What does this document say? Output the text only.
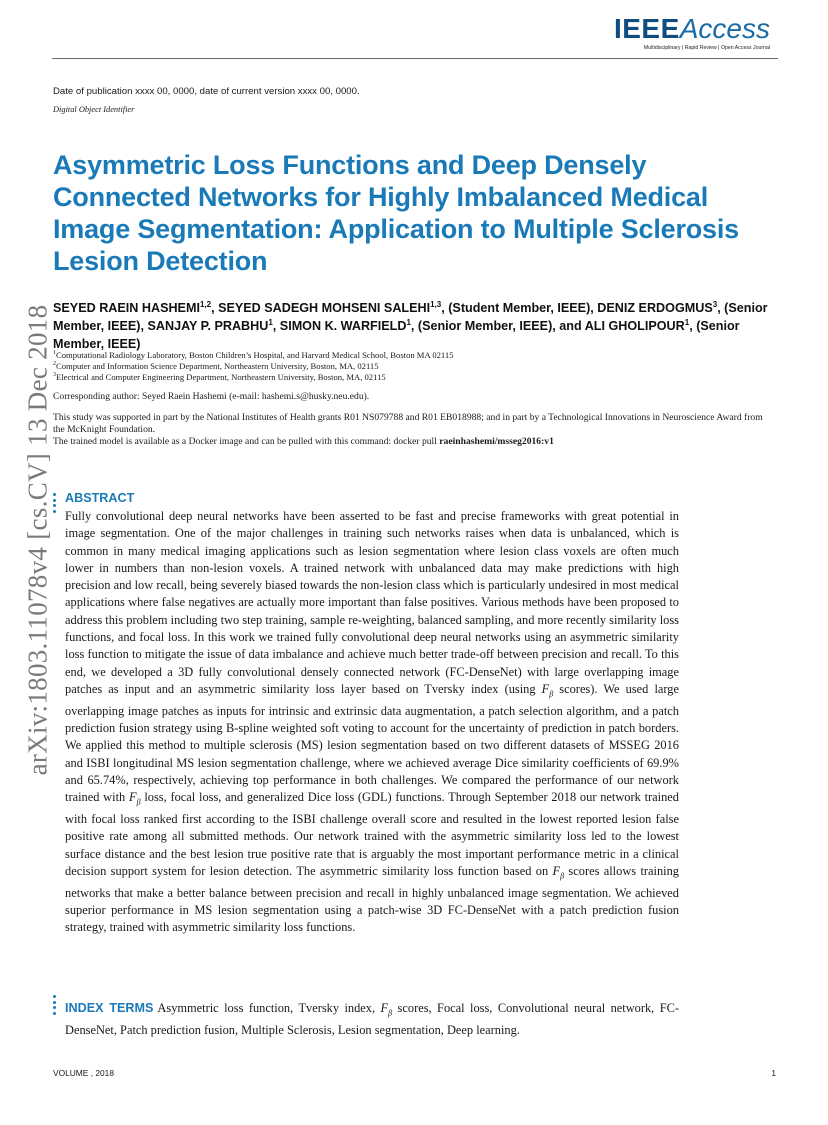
IEEEAccess
Multidisciplinary | Rapid Review | Open Access Journal
Date of publication xxxx 00, 0000, date of current version xxxx 00, 0000.
Digital Object Identifier
Asymmetric Loss Functions and Deep Densely Connected Networks for Highly Imbalanced Medical Image Segmentation: Application to Multiple Sclerosis Lesion Detection
SEYED RAEIN HASHEMI$^{1,2}$, SEYED SADEGH MOHSENI SALEHI$^{1,3}$, (Student Member, IEEE), DENIZ ERDOGMUS$^3$, (Senior Member, IEEE), SANJAY P. PRABHU$^1$, SIMON K. WARFIELD$^1$, (Senior Member, IEEE), and ALI GHOLIPOUR$^1$, (Senior Member, IEEE)
$^1$Computational Radiology Laboratory, Boston Children’s Hospital, and Harvard Medical School, Boston MA 02115
$^2$Computer and Information Science Department, Northeastern University, Boston, MA, 02115
$^3$Electrical and Computer Engineering Department, Northeastern University, Boston, MA, 02115
Corresponding author: Seyed Raein Hashemi (e-mail: hashemi.s@husky.neu.edu).
This study was supported in part by the National Institutes of Health grants R01 NS079788 and R01 EB018988; and in part by a Technological Innovations in Neuroscience Award from the McKnight Foundation.
The trained model is available as a Docker image and can be pulled with this command: docker pull raeinhashemi/msseg2016:v1
arXiv:1803.11078v4 [cs.CV] 13 Dec 2018 ABSTRACT

Fully convolutional deep neural networks have been asserted to be fast and precise frameworks with great potential in image segmentation. One of the major challenges in training such networks raises when data is unbalanced, which is common in many medical imaging applications such as lesion segmentation where lesion class voxels are often much lower in numbers than non-lesion voxels. A trained network with unbalanced data may make predictions with high precision and low recall, being severely biased towards the non-lesion class which is particularly undesired in most medical applications where false negatives are actually more important than false positives. Various methods have been proposed to address this problem including two step training, sample re-weighting, balanced sampling, and more recently similarity loss functions, and focal loss. In this work we trained fully convolutional deep neural networks using an asymmetric similarity loss function to mitigate the issue of data imbalance and achieve much better trade-off between precision and recall. To this end, we developed a 3D fully convolutional densely connected network (FC-DenseNet) with large overlapping image patches as input and an asymmetric similarity loss layer based on Tversky index (using $F_\beta$ scores). We used large overlapping image patches as inputs for intrinsic and extrinsic data augmentation, a patch selection algorithm, and a patch prediction fusion strategy using B-spline weighted soft voting to account for the uncertainty of prediction in patch borders. We applied this method to multiple sclerosis (MS) lesion segmentation based on two different datasets of MSSEG 2016 and ISBI longitudinal MS lesion segmentation challenge, where we achieved average Dice similarity coefficients of 69.9% and 65.74%, respectively, achieving top performance in both challenges. We compared the performance of our network trained with $F_\beta$ loss, focal loss, and generalized Dice loss (GDL) functions. Through September 2018 our network trained with focal loss ranked first according to the ISBI challenge overall score and resulted in the lowest reported lesion false positive rate among all submitted methods. Our network trained with the asymmetric similarity loss led to the lowest surface distance and the best lesion true positive rate that is arguably the most important performance metric in a clinical decision support system for lesion detection. The asymmetric similarity loss function based on $F_\beta$ scores allows training networks that make a better balance between precision and recall in highly unbalanced image segmentation. We achieved superior performance in MS lesion segmentation using a patch-wise 3D FC-DenseNet with a patch prediction fusion strategy, trained with asymmetric similarity loss functions.

INDEX TERMS Asymmetric loss function, Tversky index, $F_\beta$ scores, Focal loss, Convolutional neural network, FC-DenseNet, Patch prediction fusion, Multiple Sclerosis, Lesion segmentation, Deep learning.

VOLUME , 2018	1
